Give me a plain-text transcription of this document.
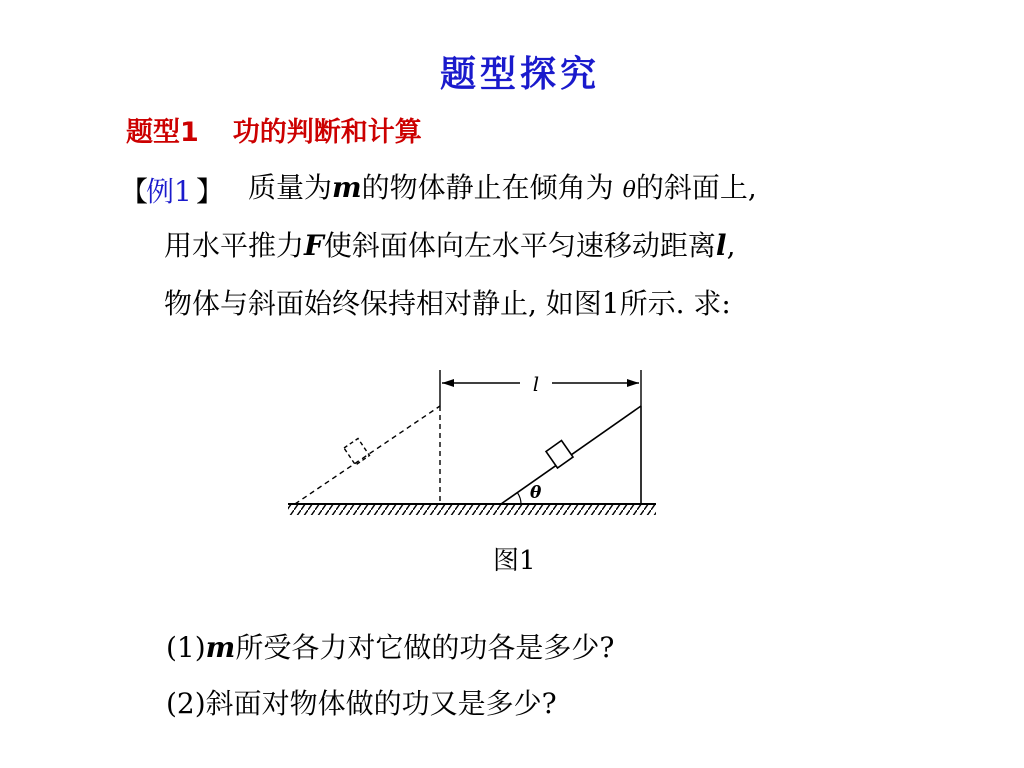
题型探究
题型1 功的判断和计算
【
例1 】 质量为m的物体静止在倾角为 θ的斜面上,
用水平推力F使斜面体向左水平匀速移动距离l,
物体与斜面始终保持相对静止, 如图1所示. 求:
l
θ
图1
(1)m所受各力对它做的功各是多少?
(2)斜面对物体做的功又是多少?
